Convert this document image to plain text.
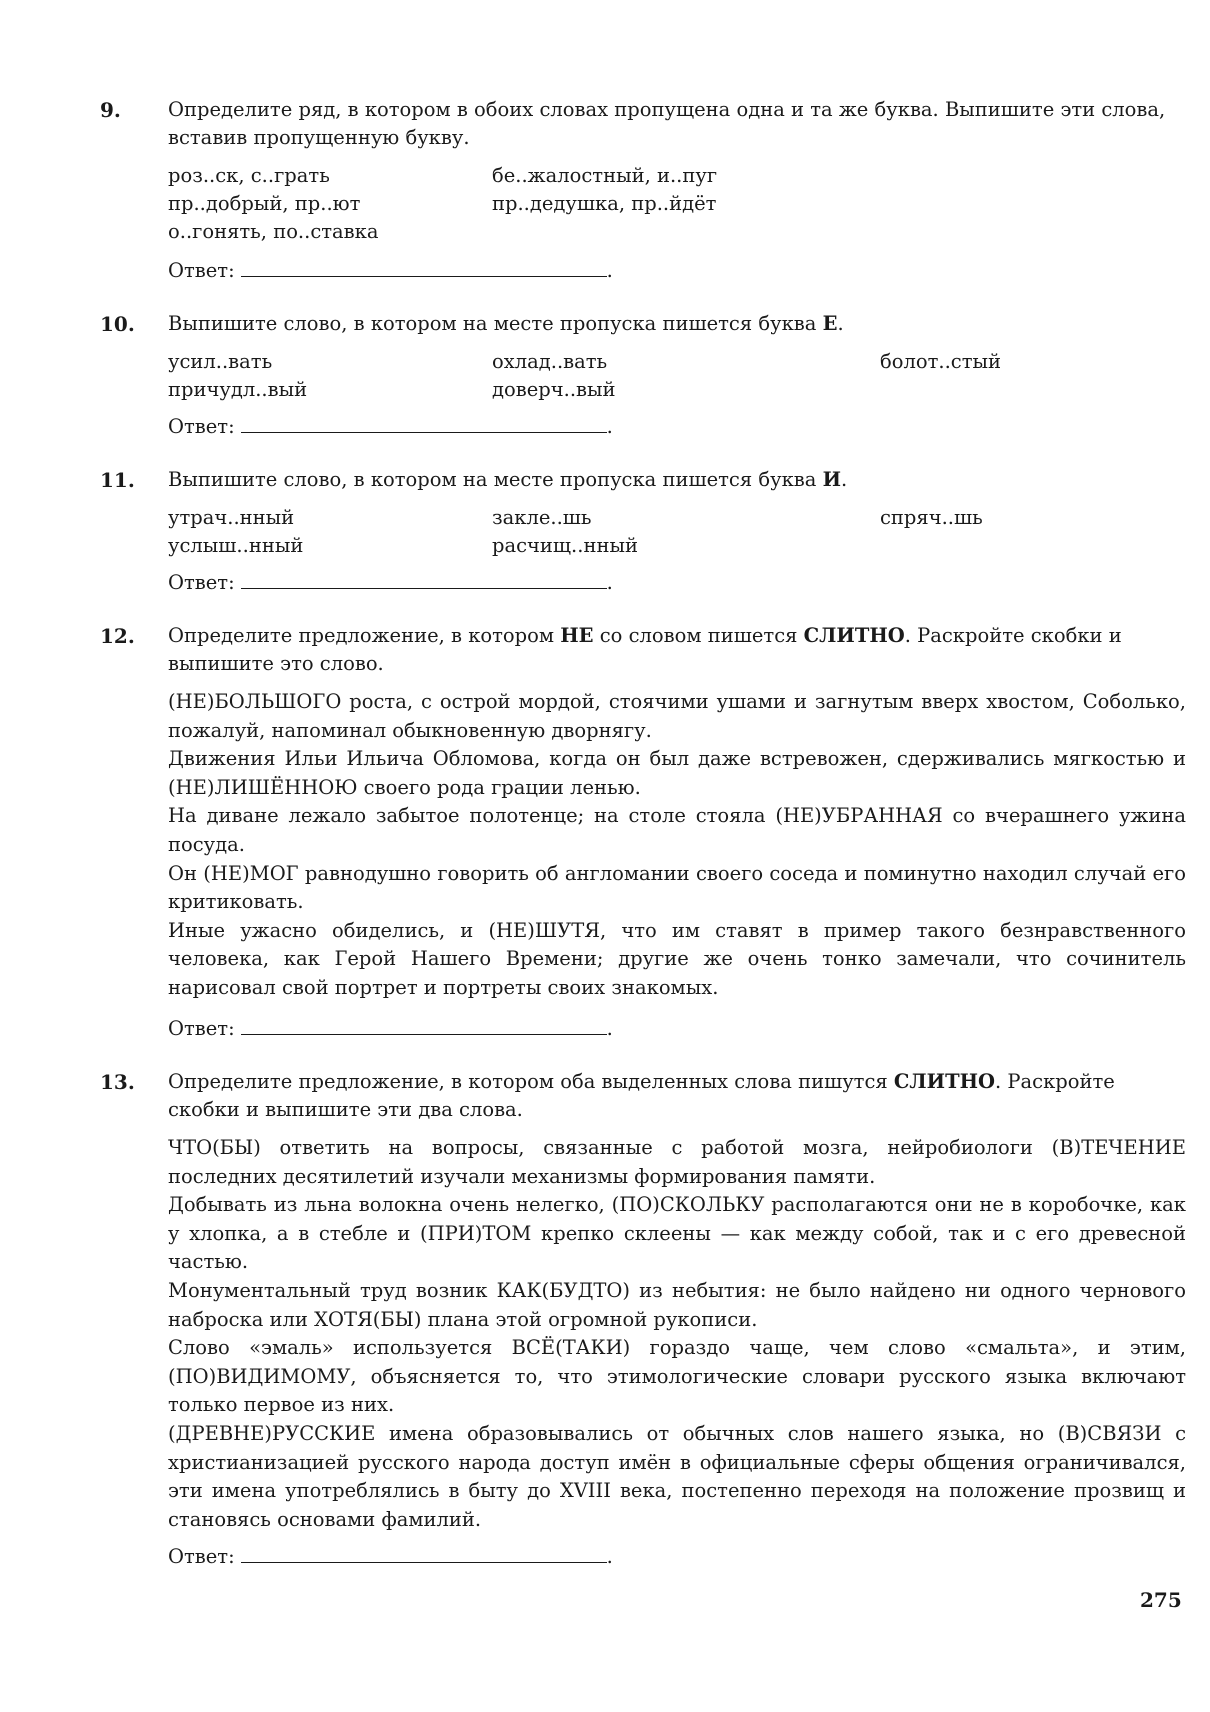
9. Определите ряд, в котором в обоих словах пропущена одна и та же буква. Выпишите эти слова, вставив пропущенную букву.

роз..ск, с..грать	бе..жалостный, и..пуг
пр..добрый, пр..ют	пр..дедушка, пр..йдёт
о..гонять, по..ставка
Ответ:	.
10. Выпишите слово, в котором на месте пропуска пишется буква Е.

усил..вать	охлад..вать	болот..стый
причудл..вый	доверч..вый
Ответ:	.
11. Выпишите слово, в котором на месте пропуска пишется буква И.

утрач..нный	закле..шь	спряч..шь
услыш..нный	расчищ..нный
Ответ:	.
12. Определите предложение, в котором НЕ со словом пишется СЛИТНО. Раскройте скобки и выпишите это слово.

(НЕ)БОЛЬШОГО роста, с острой мордой, стоячими ушами и загнутым вверх хвостом, Соболько, пожалуй, напоминал обыкновенную дворнягу.

Движения Ильи Ильича Обломова, когда он был даже встревожен, сдерживались мягкостью и (НЕ)ЛИШЁННОЮ своего рода грации ленью.

На диване лежало забытое полотенце; на столе стояла (НЕ)УБРАННАЯ со вчерашнего ужина посуда.

Он (НЕ)МОГ равнодушно говорить об англомании своего соседа и поминутно находил случай его критиковать.

Иные ужасно обиделись, и (НЕ)ШУТЯ, что им ставят в пример такого безнравственного человека, как Герой Нашего Времени; другие же очень тонко замечали, что сочинитель нарисовал свой портрет и портреты своих знакомых.

Ответ:	.
13. Определите предложение, в котором оба выделенных слова пишутся СЛИТНО. Раскройте скобки и выпишите эти два слова.

ЧТО(БЫ) ответить на вопросы, связанные с работой мозга, нейробиологи (В)ТЕЧЕНИЕ последних десятилетий изучали механизмы формирования памяти.

Добывать из льна волокна очень нелегко, (ПО)СКОЛЬКУ располагаются они не в коробочке, как у хлопка, а в стебле и (ПРИ)ТОМ крепко склеены — как между собой, так и с его древесной частью.

Монументальный труд возник КАК(БУДТО) из небытия: не было найдено ни одного чернового наброска или ХОТЯ(БЫ) плана этой огромной рукописи.

Слово «эмаль» используется ВСЁ(ТАКИ) гораздо чаще, чем слово «смальта», и этим, (ПО)ВИДИМОМУ, объясняется то, что этимологические словари русского языка включают только первое из них.

(ДРЕВНЕ)РУССКИЕ имена образовывались от обычных слов нашего языка, но (В)СВЯЗИ с христианизацией русского народа доступ имён в официальные сферы общения ограничивался, эти имена употреблялись в быту до XVIII века, постепенно переходя на положение прозвищ и становясь основами фамилий.

Ответ:	.
275
